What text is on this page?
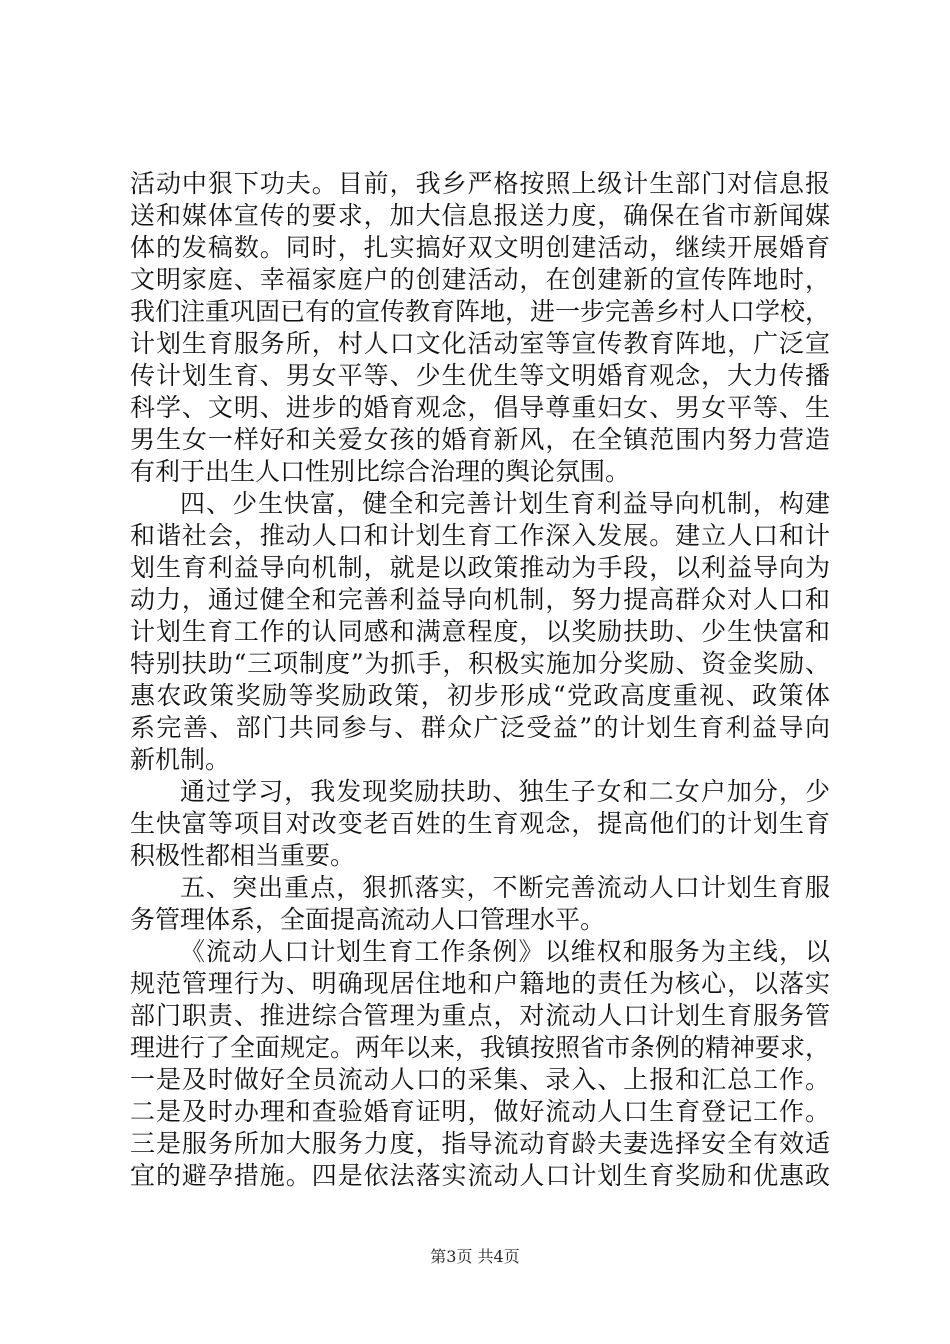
活动中狠下功夫。目前，我乡严格按照上级计生部门对信息报
送和媒体宣传的要求，加大信息报送力度，确保在省市新闻媒
体的发稿数。同时，扎实搞好双文明创建活动，继续开展婚育
文明家庭、幸福家庭户的创建活动，在创建新的宣传阵地时，
我们注重巩固已有的宣传教育阵地，进一步完善乡村人口学校，
计划生育服务所，村人口文化活动室等宣传教育阵地，广泛宣
传计划生育、男女平等、少生优生等文明婚育观念，大力传播
科学、文明、进步的婚育观念，倡导尊重妇女、男女平等、生
男生女一样好和关爱女孩的婚育新风，在全镇范围内努力营造
有利于出生人口性别比综合治理的舆论氛围。
四、少生快富，健全和完善计划生育利益导向机制，构建
和谐社会，推动人口和计划生育工作深入发展。建立人口和计
划生育利益导向机制，就是以政策推动为手段，以利益导向为
动力，通过健全和完善利益导向机制，努力提高群众对人口和
计划生育工作的认同感和满意程度，以奖励扶助、少生快富和
特别扶助“三项制度”为抓手，积极实施加分奖励、资金奖励、
惠农政策奖励等奖励政策，初步形成“党政高度重视、政策体
系完善、部门共同参与、群众广泛受益”的计划生育利益导向
新机制。
通过学习，我发现奖励扶助、独生子女和二女户加分，少
生快富等项目对改变老百姓的生育观念，提高他们的计划生育
积极性都相当重要。
五、突出重点，狠抓落实，不断完善流动人口计划生育服
务管理体系，全面提高流动人口管理水平。
《流动人口计划生育工作条例》以维权和服务为主线，以
规范管理行为、明确现居住地和户籍地的责任为核心，以落实
部门职责、推进综合管理为重点，对流动人口计划生育服务管
理进行了全面规定。两年以来，我镇按照省市条例的精神要求，
一是及时做好全员流动人口的采集、录入、上报和汇总工作。
二是及时办理和查验婚育证明，做好流动人口生育登记工作。
三是服务所加大服务力度，指导流动育龄夫妻选择安全有效适
宜的避孕措施。四是依法落实流动人口计划生育奖励和优惠政
第3页 共4页
